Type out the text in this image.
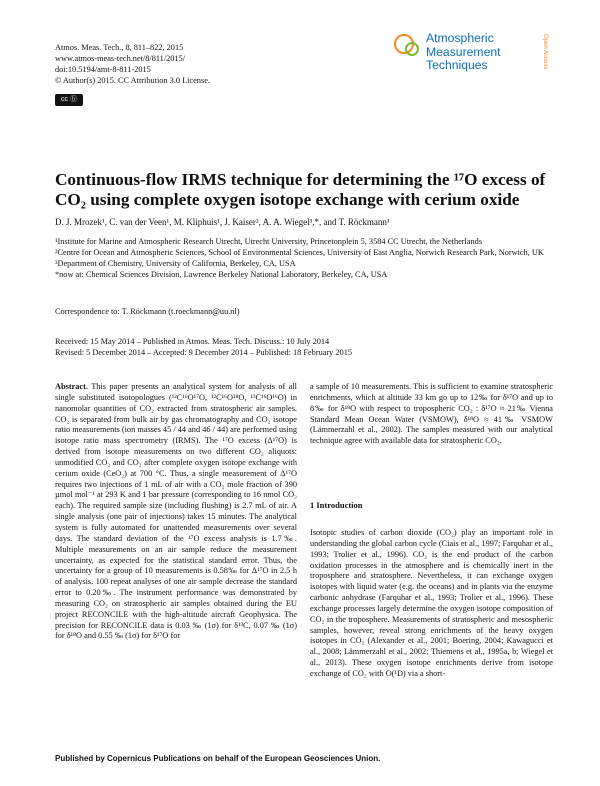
Atmos. Meas. Tech., 8, 811–822, 2015
www.atmos-meas-tech.net/8/811/2015/
doi:10.5194/amt-8-811-2015
© Author(s) 2015. CC Attribution 3.0 License.
cc ⓑ
Atmospheric
Measurement
Techniques	Open Access
Continuous-flow IRMS technique for determining the ¹⁷O excess of CO₂ using complete oxygen isotope exchange with cerium oxide
D. J. Mrozek¹, C. van der Veen¹, M. Kliphuis¹, J. Kaiser², A. A. Wiegel³,*, and T. Röckmann¹

¹Institute for Marine and Atmospheric Research Utrecht, Utrecht University, Princetonplein 5, 3584 CC Utrecht, the Netherlands

²Centre for Ocean and Atmospheric Sciences, School of Environmental Sciences, University of East Anglia, Norwich Research Park, Norwich, UK

³Department of Chemistry, University of California, Berkeley, CA, USA

*now at: Chemical Sciences Division, Lawrence Berkeley National Laboratory, Berkeley, CA, USA

Correspondence to: T. Röckmann (t.roeckmann@uu.nl)
Received: 15 May 2014 – Published in Atmos. Meas. Tech. Discuss.: 10 July 2014
Revised: 5 December 2014 – Accepted: 9 December 2014 – Published: 18 February 2015

Abstract. This paper presents an analytical system for analysis of all single substituted isotopologues (¹²C¹⁶O¹⁷O, ¹²C¹⁶O¹⁸O, ¹³C¹⁶O¹⁶O) in nanomolar quantities of CO₂ extracted from stratospheric air samples. CO₂ is separated from bulk air by gas chromatography and CO₂ isotope ratio measurements (ion masses 45 / 44 and 46 / 44) are performed using isotope ratio mass spectrometry (IRMS). The ¹⁷O excess (Δ¹⁷O) is derived from isotope measurements on two different CO₂ aliquots: unmodified CO₂ and CO₂ after complete oxygen isotope exchange with cerium oxide (CeO₂) at 700 °C. Thus, a single measurement of Δ¹⁷O requires two injections of 1 mL of air with a CO₂ mole fraction of 390 µmol mol⁻¹ at 293 K and 1 bar pressure (corresponding to 16 nmol CO₂ each). The required sample size (including flushing) is 2.7 mL of air. A single analysis (one pair of injections) takes 15 minutes. The analytical system is fully automated for unattended measurements over several days. The standard deviation of the ¹⁷O excess analysis is 1.7‰. Multiple measurements on an air sample reduce the measurement uncertainty, as expected for the statistical standard error. Thus, the uncertainty for a group of 10 measurements is 0.58‰ for Δ¹⁷O in 2.5 h of analysis. 100 repeat analyses of one air sample decrease the standard error to 0.20‰. The instrument performance was demonstrated by measuring CO₂ on stratospheric air samples obtained during the EU project RECONCILE with the high-altitude aircraft Geophysica. The precision for RECONCILE data is 0.03 ‰ (1σ) for δ¹³C, 0.07 ‰ (1σ) for δ¹⁸O and 0.55 ‰ (1σ) for δ¹⁷O for

a sample of 10 measurements. This is sufficient to examine stratospheric enrichments, which at altitude 33 km go up to 12‰ for δ¹⁷O and up to 8‰ for δ¹⁸O with respect to tropospheric CO₂ : δ¹⁷O ≈ 21‰ Vienna Standard Mean Ocean Water (VSMOW), δ¹⁸O ≈ 41‰ VSMOW (Lämmerzahl et al., 2002). The samples measured with our analytical technique agree with available data for stratospheric CO₂.
1 Introduction
Isotopic studies of carbon dioxide (CO₂) play an important role in understanding the global carbon cycle (Ciais et al., 1997; Farquhar et al., 1993; Trolier et al., 1996). CO₂ is the end product of the carbon oxidation processes in the atmosphere and is chemically inert in the troposphere and stratosphere. Nevertheless, it can exchange oxygen isotopes with liquid water (e.g. the oceans) and in plants via the enzyme carbonic anhydrase (Farquhar et al., 1993; Trolier et al., 1996). These exchange processes largely determine the oxygen isotope composition of CO₂ in the troposphere. Measurements of stratospheric and mesospheric samples, however, reveal strong enrichments of the heavy oxygen isotopes in CO₂ (Alexander et al., 2001; Boering, 2004; Kawagucci et al., 2008; Lämmerzahl et al., 2002; Thiemens et al., 1995a, b; Wiegel et al., 2013). These oxygen isotope enrichments derive from isotope exchange of CO₂ with O(¹D) via a short-
Published by Copernicus Publications on behalf of the European Geosciences Union.
